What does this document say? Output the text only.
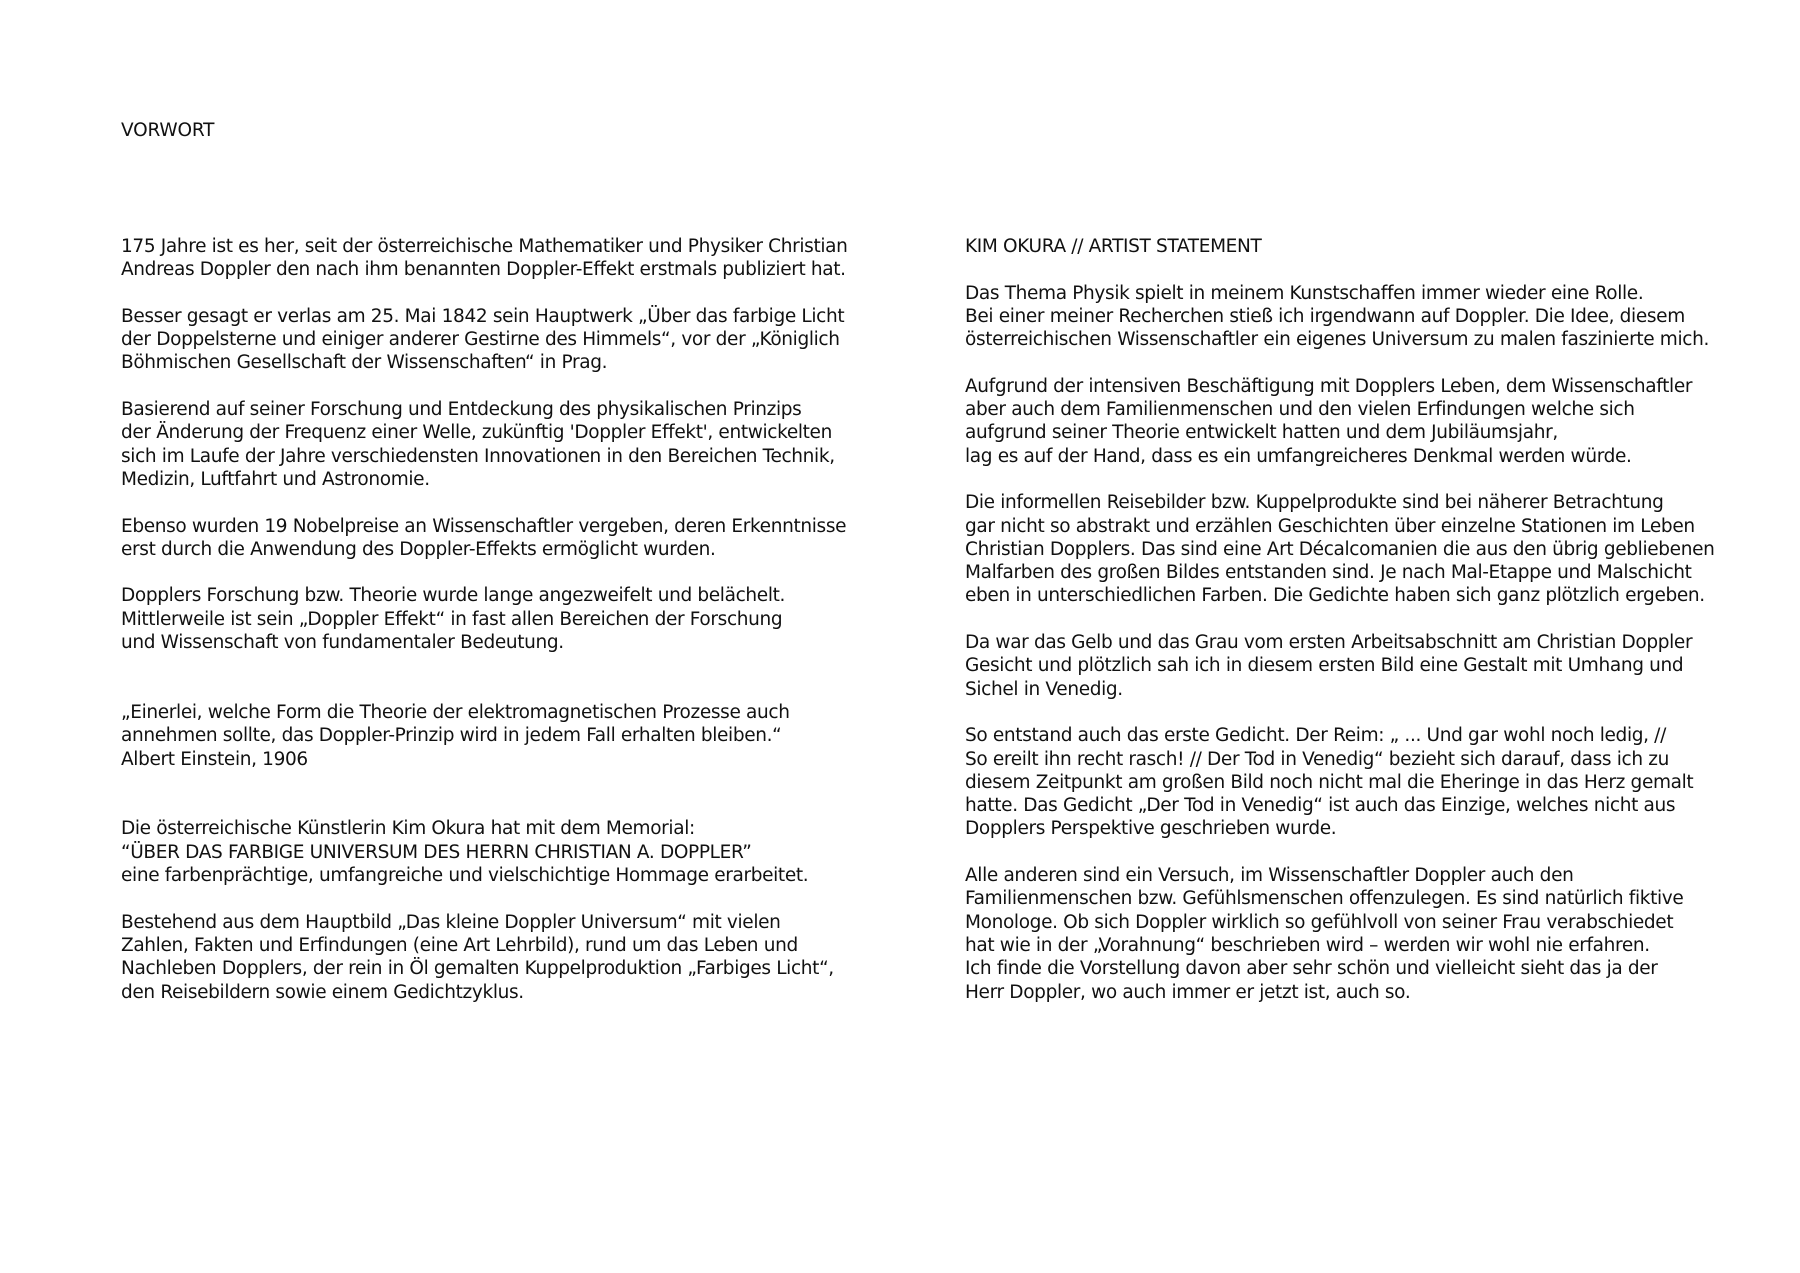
VORWORT

175 Jahre ist es her, seit der österreichische Mathematiker und Physiker Christian
Andreas Doppler den nach ihm benannten Doppler-Effekt erstmals publiziert hat.

Besser gesagt er verlas am 25. Mai 1842 sein Hauptwerk „Über das farbige Licht
der Doppelsterne und einiger anderer Gestirne des Himmels“, vor der „Königlich
Böhmischen Gesellschaft der Wissenschaften“ in Prag.

Basierend auf seiner Forschung und Entdeckung des physikalischen Prinzips
der Änderung der Frequenz einer Welle, zukünftig 'Doppler Effekt', entwickelten
sich im Laufe der Jahre verschiedensten Innovationen in den Bereichen Technik,
Medizin, Luftfahrt und Astronomie.

Ebenso wurden 19 Nobelpreise an Wissenschaftler vergeben, deren Erkenntnisse
erst durch die Anwendung des Doppler-Effekts ermöglicht wurden.

Dopplers Forschung bzw. Theorie wurde lange angezweifelt und belächelt.
Mittlerweile ist sein „Doppler Effekt“ in fast allen Bereichen der Forschung
und Wissenschaft von fundamentaler Bedeutung.

„Einerlei, welche Form die Theorie der elektromagnetischen Prozesse auch
annehmen sollte, das Doppler-Prinzip wird in jedem Fall erhalten bleiben.“
Albert Einstein, 1906

Die österreichische Künstlerin Kim Okura hat mit dem Memorial:
“ÜBER DAS FARBIGE UNIVERSUM DES HERRN CHRISTIAN A. DOPPLER”
eine farbenprächtige, umfangreiche und vielschichtige Hommage erarbeitet.

Bestehend aus dem Hauptbild „Das kleine Doppler Universum“ mit vielen
Zahlen, Fakten und Erfindungen (eine Art Lehrbild), rund um das Leben und
Nachleben Dopplers, der rein in Öl gemalten Kuppelproduktion „Farbiges Licht“,
den Reisebildern sowie einem Gedichtzyklus.

KIM OKURA // ARTIST STATEMENT

Das Thema Physik spielt in meinem Kunstschaffen immer wieder eine Rolle.
Bei einer meiner Recherchen stieß ich irgendwann auf Doppler. Die Idee, diesem
österreichischen Wissenschaftler ein eigenes Universum zu malen faszinierte mich.

Aufgrund der intensiven Beschäftigung mit Dopplers Leben, dem Wissenschaftler
aber auch dem Familienmenschen und den vielen Erfindungen welche sich
aufgrund seiner Theorie entwickelt hatten und dem Jubiläumsjahr,
lag es auf der Hand, dass es ein umfangreicheres Denkmal werden würde.

Die informellen Reisebilder bzw. Kuppelprodukte sind bei näherer Betrachtung
gar nicht so abstrakt und erzählen Geschichten über einzelne Stationen im Leben
Christian Dopplers. Das sind eine Art Décalcomanien die aus den übrig gebliebenen
Malfarben des großen Bildes entstanden sind. Je nach Mal-Etappe und Malschicht
eben in unterschiedlichen Farben. Die Gedichte haben sich ganz plötzlich ergeben.

Da war das Gelb und das Grau vom ersten Arbeitsabschnitt am Christian Doppler
Gesicht und plötzlich sah ich in diesem ersten Bild eine Gestalt mit Umhang und
Sichel in Venedig.

So entstand auch das erste Gedicht. Der Reim: „ ... Und gar wohl noch ledig, //
So ereilt ihn recht rasch! // Der Tod in Venedig“ bezieht sich darauf, dass ich zu
diesem Zeitpunkt am großen Bild noch nicht mal die Eheringe in das Herz gemalt
hatte. Das Gedicht „Der Tod in Venedig“ ist auch das Einzige, welches nicht aus
Dopplers Perspektive geschrieben wurde.

Alle anderen sind ein Versuch, im Wissenschaftler Doppler auch den
Familienmenschen bzw. Gefühlsmenschen offenzulegen. Es sind natürlich fiktive
Monologe. Ob sich Doppler wirklich so gefühlvoll von seiner Frau verabschiedet
hat wie in der „Vorahnung“ beschrieben wird – werden wir wohl nie erfahren.
Ich finde die Vorstellung davon aber sehr schön und vielleicht sieht das ja der
Herr Doppler, wo auch immer er jetzt ist, auch so.
